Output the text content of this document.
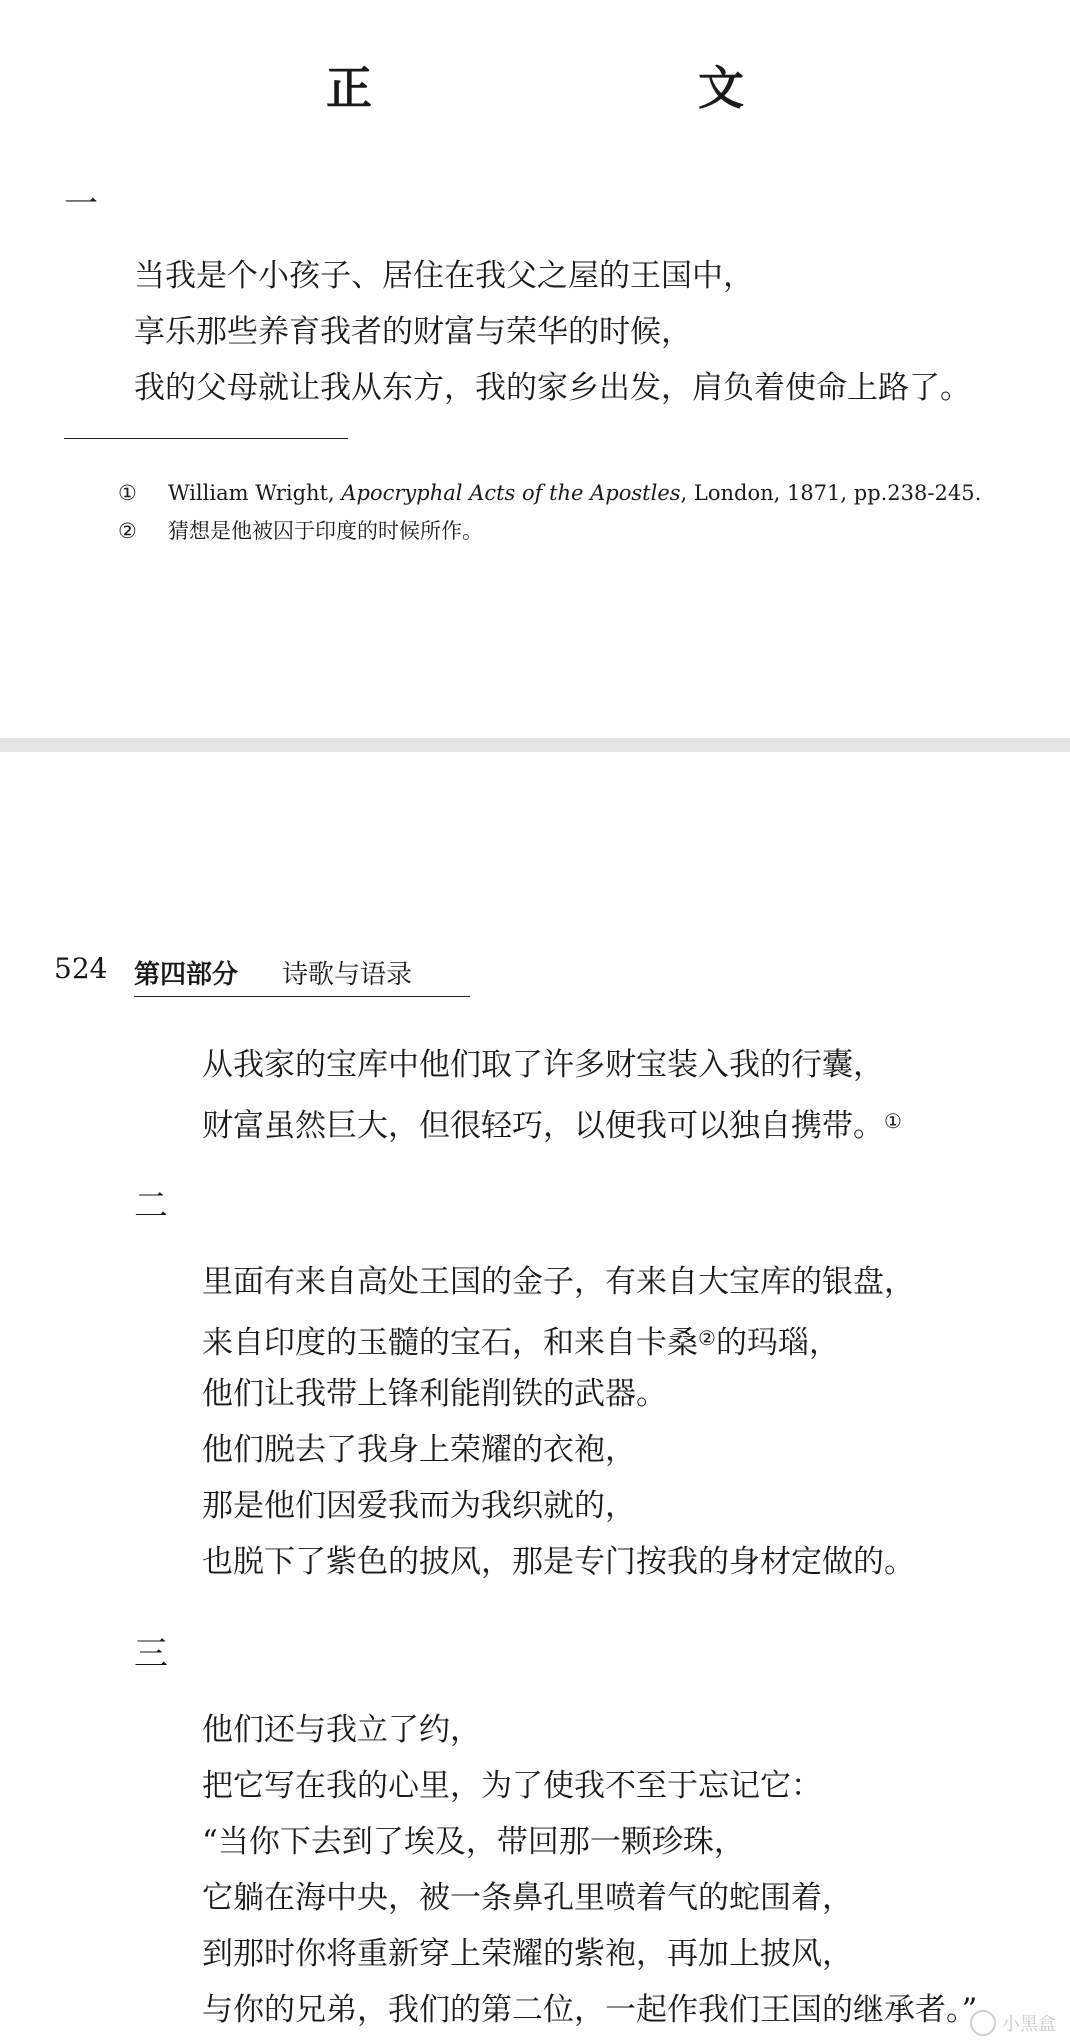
正　　文
一
当我是个小孩子、居住在我父之屋的王国中，
享乐那些养育我者的财富与荣华的时候，
我的父母就让我从东方，我的家乡出发，肩负着使命上路了。
① William Wright, Apocryphal Acts of the Apostles, London, 1871, pp.238-245.
② 猜想是他被囚于印度的时候所作。
524 第四部分 诗歌与语录
从我家的宝库中他们取了许多财宝装入我的行囊，
财富虽然巨大，但很轻巧，以便我可以独自携带。①
二
里面有来自高处王国的金子，有来自大宝库的银盘，
来自印度的玉髓的宝石，和来自卡桑②的玛瑙，
他们让我带上锋利能削铁的武器。
他们脱去了我身上荣耀的衣袍，
那是他们因爱我而为我织就的，
也脱下了紫色的披风，那是专门按我的身材定做的。
三
他们还与我立了约，
把它写在我的心里，为了使我不至于忘记它：
“当你下去到了埃及，带回那一颗珍珠，
它躺在海中央，被一条鼻孔里喷着气的蛇围着，
到那时你将重新穿上荣耀的紫袍，再加上披风，
与你的兄弟，我们的第二位，一起作我们王国的继承者。” 小黑盒
